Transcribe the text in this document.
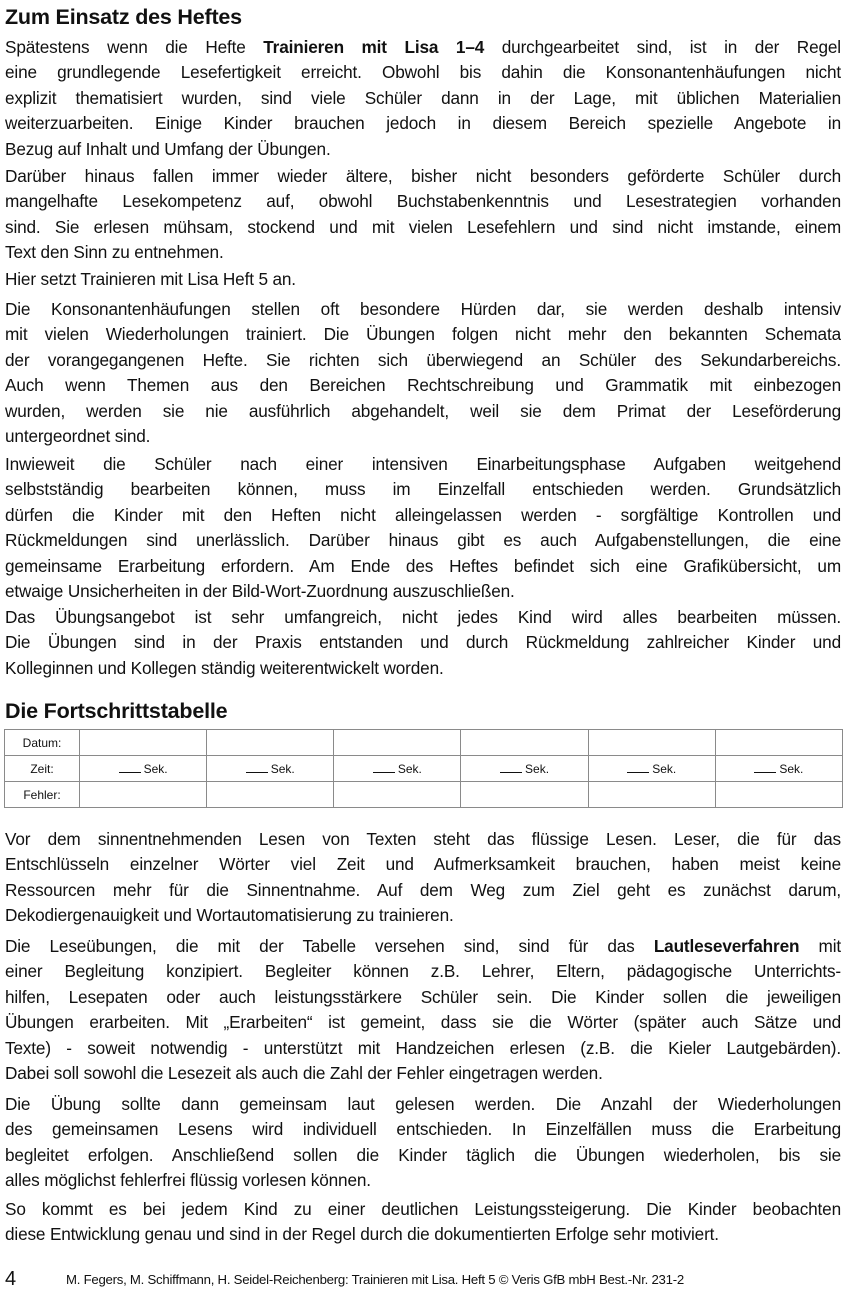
Zum Einsatz des Heftes
Spätestens wenn die Hefte Trainieren mit Lisa 1–4 durchgearbeitet sind, ist in der Regel
eine grundlegende Lesefertigkeit erreicht. Obwohl bis dahin die Konsonantenhäufungen nicht
explizit thematisiert wurden, sind viele Schüler dann in der Lage, mit üblichen Materialien
weiterzuarbeiten. Einige Kinder brauchen jedoch in diesem Bereich spezielle Angebote in
Bezug auf Inhalt und Umfang der Übungen.
Darüber hinaus fallen immer wieder ältere, bisher nicht besonders geförderte Schüler durch
mangelhafte Lesekompetenz auf, obwohl Buchstabenkenntnis und Lesestrategien vorhanden
sind. Sie erlesen mühsam, stockend und mit vielen Lesefehlern und sind nicht imstande, einem
Text den Sinn zu entnehmen.
Hier setzt Trainieren mit Lisa Heft 5 an.
Die Konsonantenhäufungen stellen oft besondere Hürden dar, sie werden deshalb intensiv
mit vielen Wiederholungen trainiert. Die Übungen folgen nicht mehr den bekannten Schemata
der vorangegangenen Hefte. Sie richten sich überwiegend an Schüler des Sekundarbereichs.
Auch wenn Themen aus den Bereichen Rechtschreibung und Grammatik mit einbezogen
wurden, werden sie nie ausführlich abgehandelt, weil sie dem Primat der Leseförderung
untergeordnet sind.
Inwieweit die Schüler nach einer intensiven Einarbeitungsphase Aufgaben weitgehend
selbstständig bearbeiten können, muss im Einzelfall entschieden werden. Grundsätzlich
dürfen die Kinder mit den Heften nicht alleingelassen werden - sorgfältige Kontrollen und
Rückmeldungen sind unerlässlich. Darüber hinaus gibt es auch Aufgabenstellungen, die eine
gemeinsame Erarbeitung erfordern. Am Ende des Heftes befindet sich eine Grafikübersicht, um
etwaige Unsicherheiten in der Bild-Wort-Zuordnung auszuschließen.
Das Übungsangebot ist sehr umfangreich, nicht jedes Kind wird alles bearbeiten müssen.
Die Übungen sind in der Praxis entstanden und durch Rückmeldung zahlreicher Kinder und
Kolleginnen und Kollegen ständig weiterentwickelt worden.
Die Fortschrittstabelle
Datum:						
Zeit:	Sek.	Sek.	Sek.	Sek.	Sek.	Sek.
Fehler:						
Vor dem sinnentnehmenden Lesen von Texten steht das flüssige Lesen. Leser, die für das
Entschlüsseln einzelner Wörter viel Zeit und Aufmerksamkeit brauchen, haben meist keine
Ressourcen mehr für die Sinnentnahme. Auf dem Weg zum Ziel geht es zunächst darum,
Dekodiergenauigkeit und Wortautomatisierung zu trainieren.
Die Leseübungen, die mit der Tabelle versehen sind, sind für das Lautleseverfahren mit
einer Begleitung konzipiert. Begleiter können z.B. Lehrer, Eltern, pädagogische Unterrichts-
hilfen, Lesepaten oder auch leistungsstärkere Schüler sein. Die Kinder sollen die jeweiligen
Übungen erarbeiten. Mit „Erarbeiten“ ist gemeint, dass sie die Wörter (später auch Sätze und
Texte) - soweit notwendig - unterstützt mit Handzeichen erlesen (z.B. die Kieler Lautgebärden).
Dabei soll sowohl die Lesezeit als auch die Zahl der Fehler eingetragen werden.
Die Übung sollte dann gemeinsam laut gelesen werden. Die Anzahl der Wiederholungen
des gemeinsamen Lesens wird individuell entschieden. In Einzelfällen muss die Erarbeitung
begleitet erfolgen. Anschließend sollen die Kinder täglich die Übungen wiederholen, bis sie
alles möglichst fehlerfrei flüssig vorlesen können.
So kommt es bei jedem Kind zu einer deutlichen Leistungssteigerung. Die Kinder beobachten
diese Entwicklung genau und sind in der Regel durch die dokumentierten Erfolge sehr motiviert.
4	M. Fegers, M. Schiffmann, H. Seidel-Reichenberg: Trainieren mit Lisa. Heft 5 © Veris GfB mbH Best.-Nr. 231-2
